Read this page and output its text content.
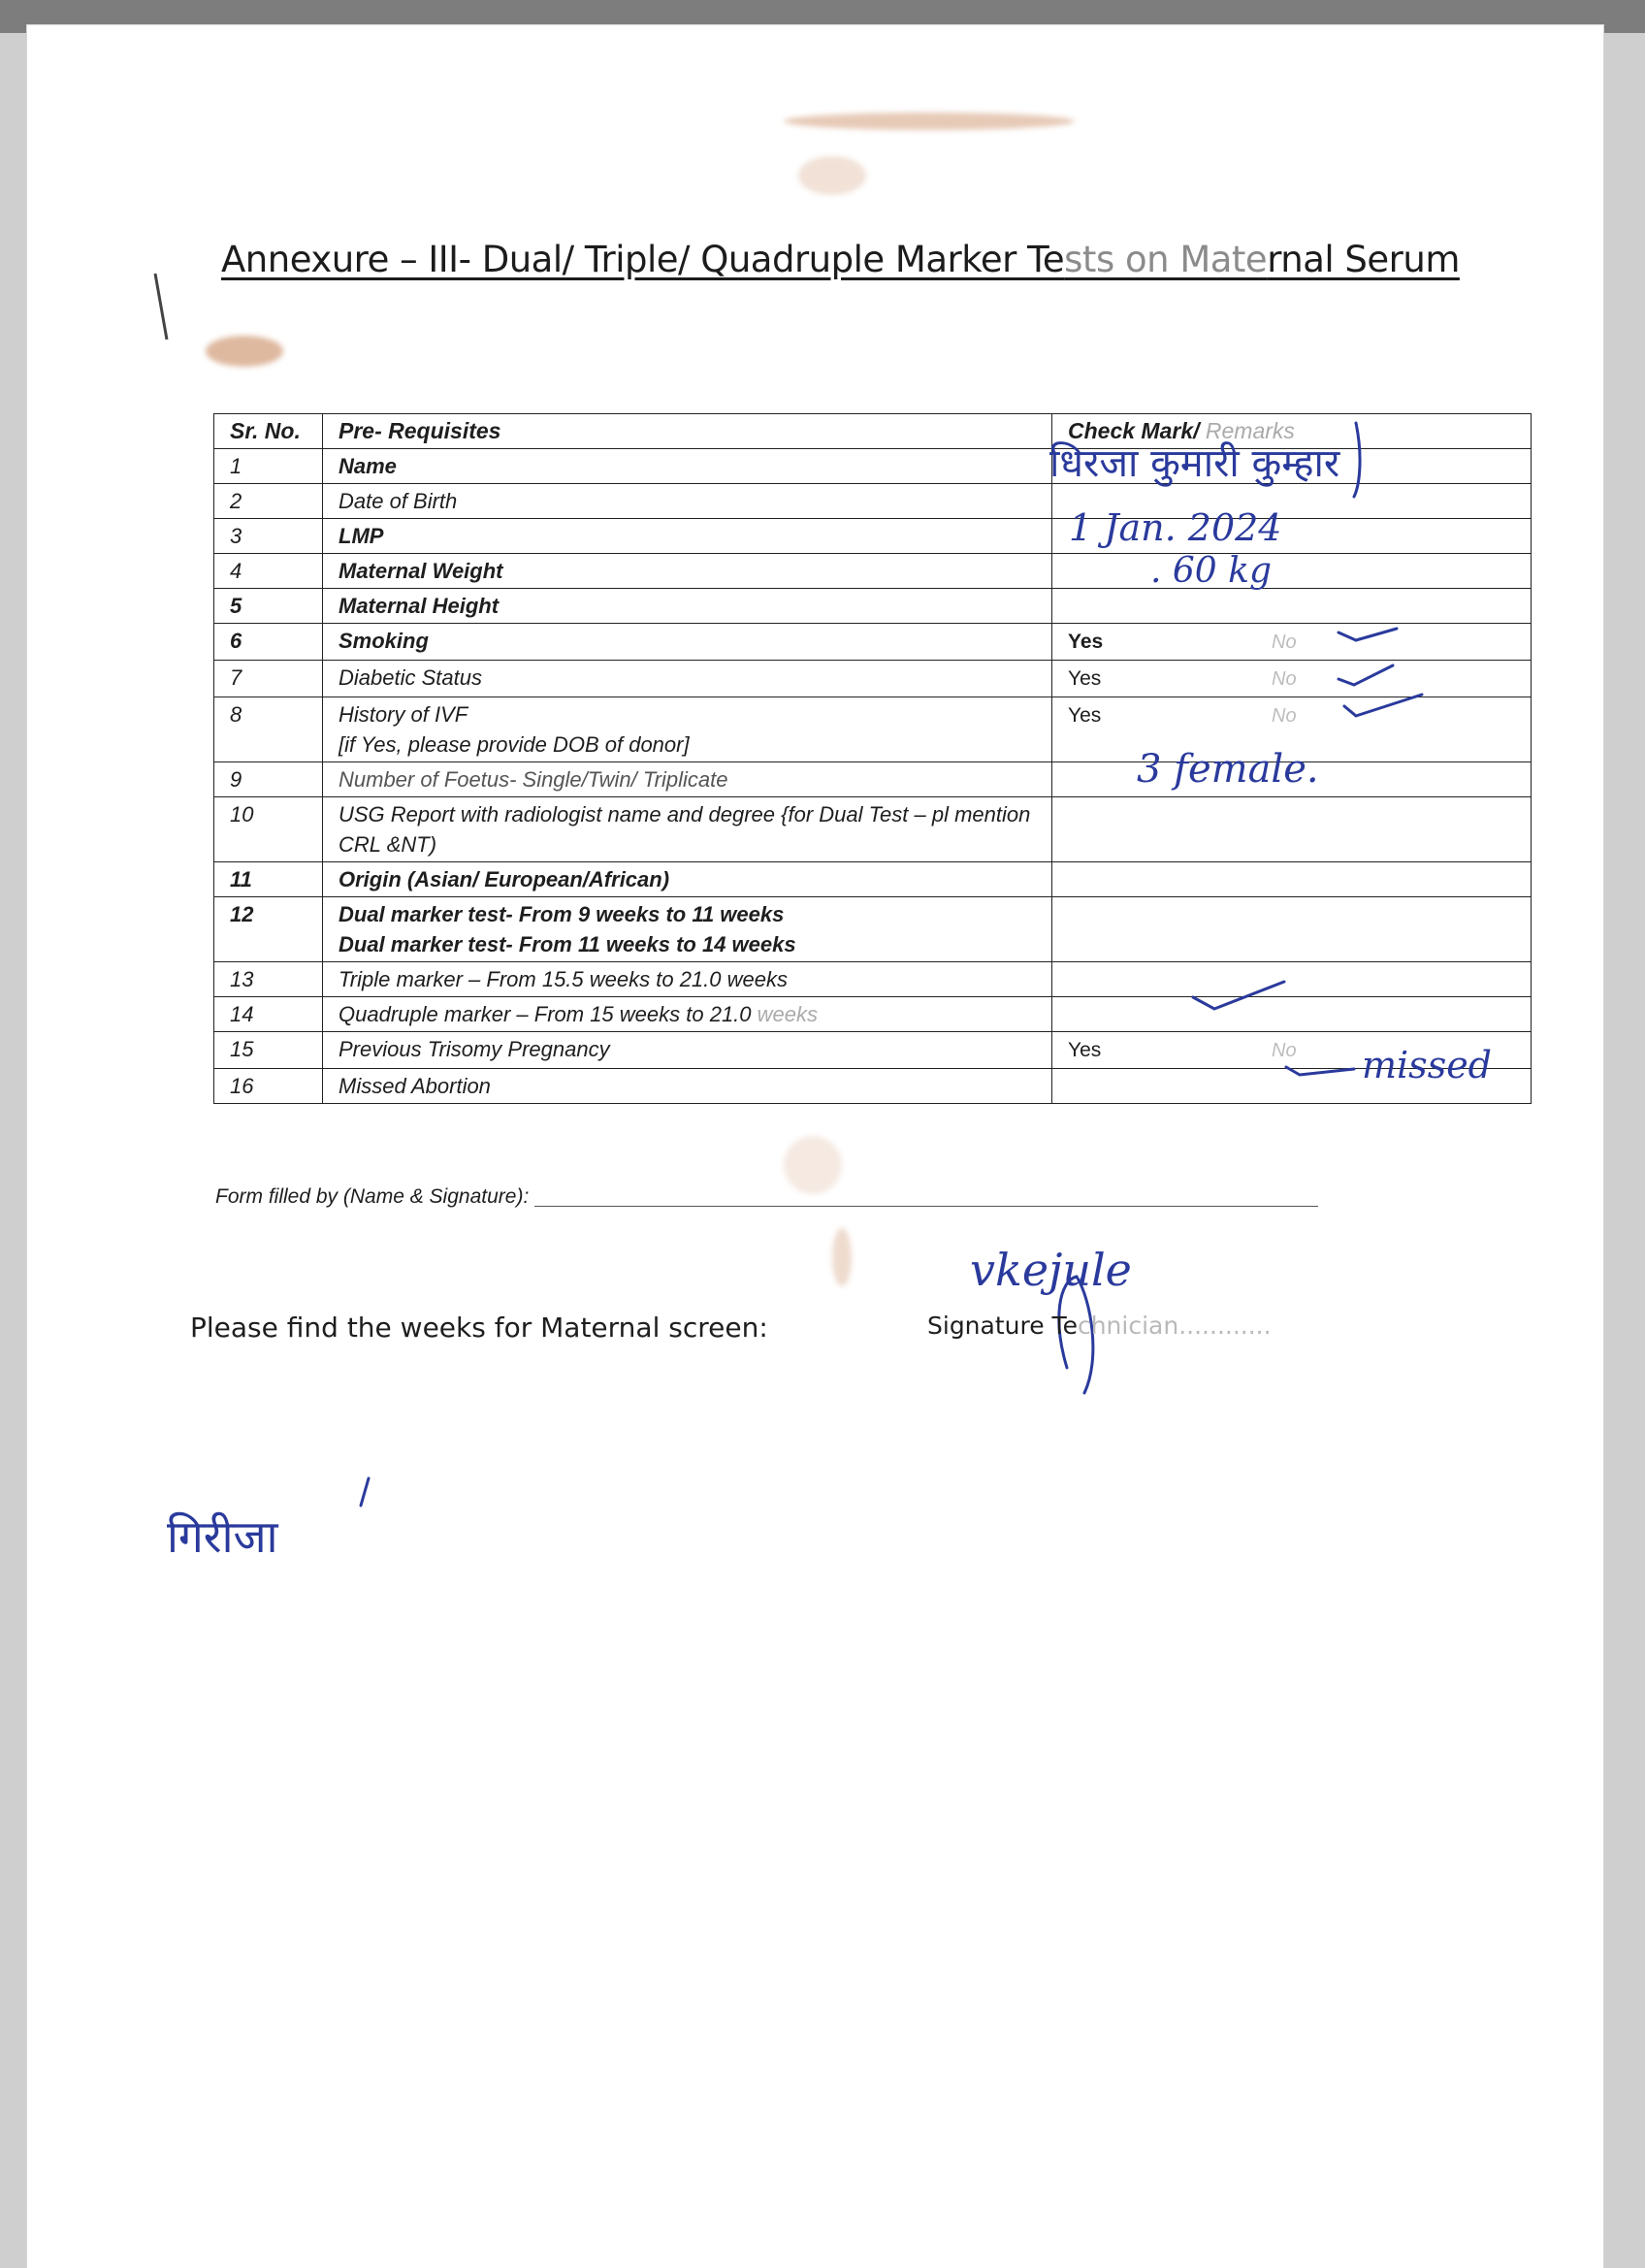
Annexure – III- Dual/ Triple/ Quadruple Marker Tests on Maternal Serum
Sr. No.	Pre- Requisites	Check Mark/ Remarks
1	Name	
2	Date of Birth	
3	LMP	
4	Maternal Weight	
5	Maternal Height	
6	Smoking	Yes No
7	Diabetic Status	Yes No
8	History of IVF
[if Yes, please provide DOB of donor]	Yes No
9	Number of Foetus- Single/Twin/ Triplicate	
10	USG Report with radiologist name and degree {for Dual Test – pl mention
CRL &NT)	

11	Origin (Asian/ European/African)	
12	Dual marker test- From 9 weeks to 11 weeks
Dual marker test- From 11 weeks to 14 weeks	

13	Triple marker – From 15.5 weeks to 21.0 weeks	
14	Quadruple marker – From 15 weeks to 21.0 weeks	
15	Previous Trisomy Pregnancy	Yes No
16	Missed Abortion	
धिरजा कुमारी कुम्हार
1 Jan. 2024
. 60 kg
3 female.
missed
गिरीजा
vkejule
Form filled by (Name & Signature):
Please find the weeks for Maternal screen:	Signature Technician............
